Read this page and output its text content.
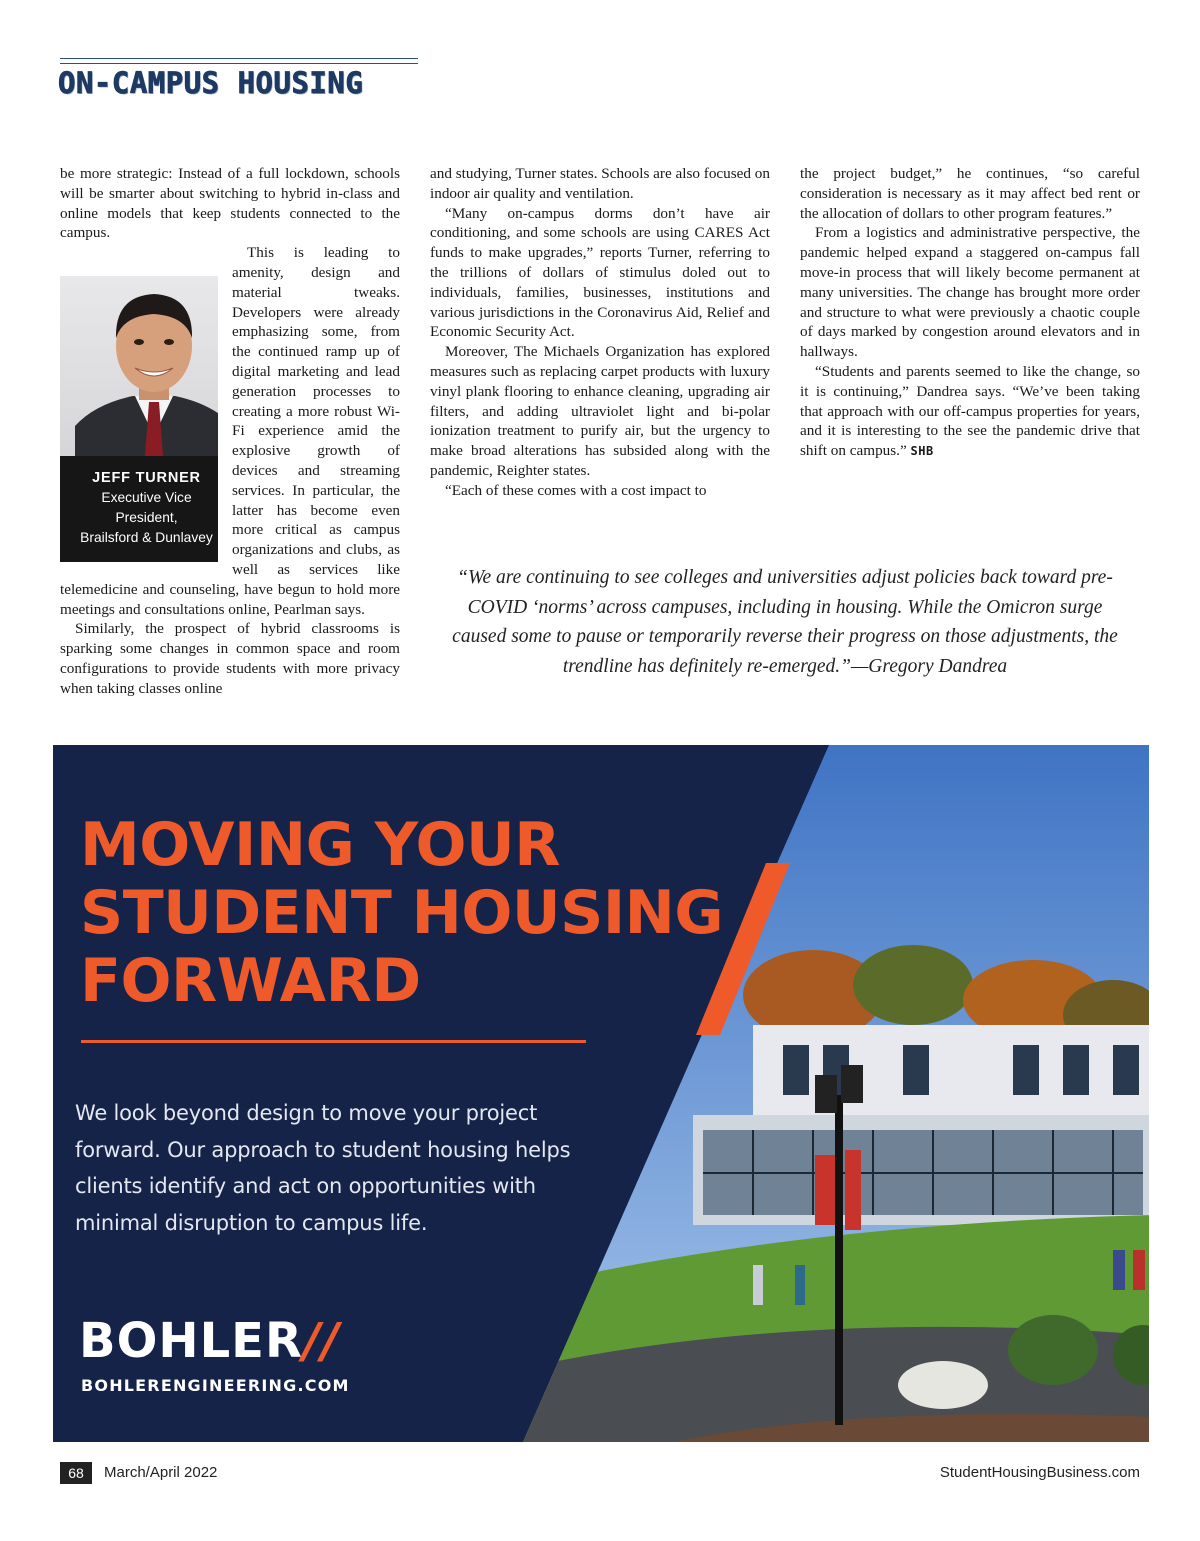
ON-CAMPUS HOUSING

be more strategic: Instead of a full lockdown, schools will be smarter about switching to hybrid in-class and online models that keep students connected to the campus.

JEFF TURNER
Executive Vice
President,
Brailsford & Dunlavey
This is leading to amenity, design and material tweaks. Developers were already emphasizing some, from the continued ramp up of digital marketing and lead generation processes to creating a more robust Wi-Fi experience amid the explosive growth of devices and streaming services. In particular, the latter has become even more critical as campus organizations and clubs, as well as services like telemedicine and counseling, have begun to hold more meetings and consultations online, Pearlman says.

Similarly, the prospect of hybrid classrooms is sparking some changes in common space and room configurations to provide students with more privacy when taking classes online

and studying, Turner states. Schools are also focused on indoor air quality and ventilation.

“Many on-campus dorms don’t have air conditioning, and some schools are using CARES Act funds to make upgrades,” reports Turner, referring to the trillions of dollars of stimulus doled out to individuals, families, businesses, institutions and various jurisdictions in the Coronavirus Aid, Relief and Economic Security Act.

Moreover, The Michaels Organization has explored measures such as replacing carpet products with luxury vinyl plank flooring to enhance cleaning, upgrading air filters, and adding ultraviolet light and bi-polar ionization treatment to purify air, but the urgency to make broad alterations has subsided along with the pandemic, Reighter states.

“Each of these comes with a cost impact to

the project budget,” he continues, “so careful consideration is necessary as it may affect bed rent or the allocation of dollars to other program features.”

From a logistics and administrative perspective, the pandemic helped expand a staggered on-campus fall move-in process that will likely become permanent at many universities. The change has brought more order and structure to what were previously a chaotic couple of days marked by congestion around elevators and in hallways.

“Students and parents seemed to like the change, so it is continuing,” Dandrea says. “We’ve been taking that approach with our off-campus properties for years, and it is interesting to the see the pandemic drive that shift on campus.” SHB

“We are continuing to see colleges and universities adjust policies back toward pre-COVID ‘norms’ across campuses, including in housing. While the Omicron surge caused some to pause or temporarily reverse their progress on those adjustments, the trendline has definitely re-emerged.”—Gregory Dandrea
MOVING YOUR
STUDENT HOUSING
FORWARD
We look beyond design to move your project forward. Our approach to student housing helps clients identify and act on opportunities with minimal disruption to campus life.
BOHLER//
BOHLERENGINEERING.COM
68	March/April 2022	StudentHousingBusiness.com
